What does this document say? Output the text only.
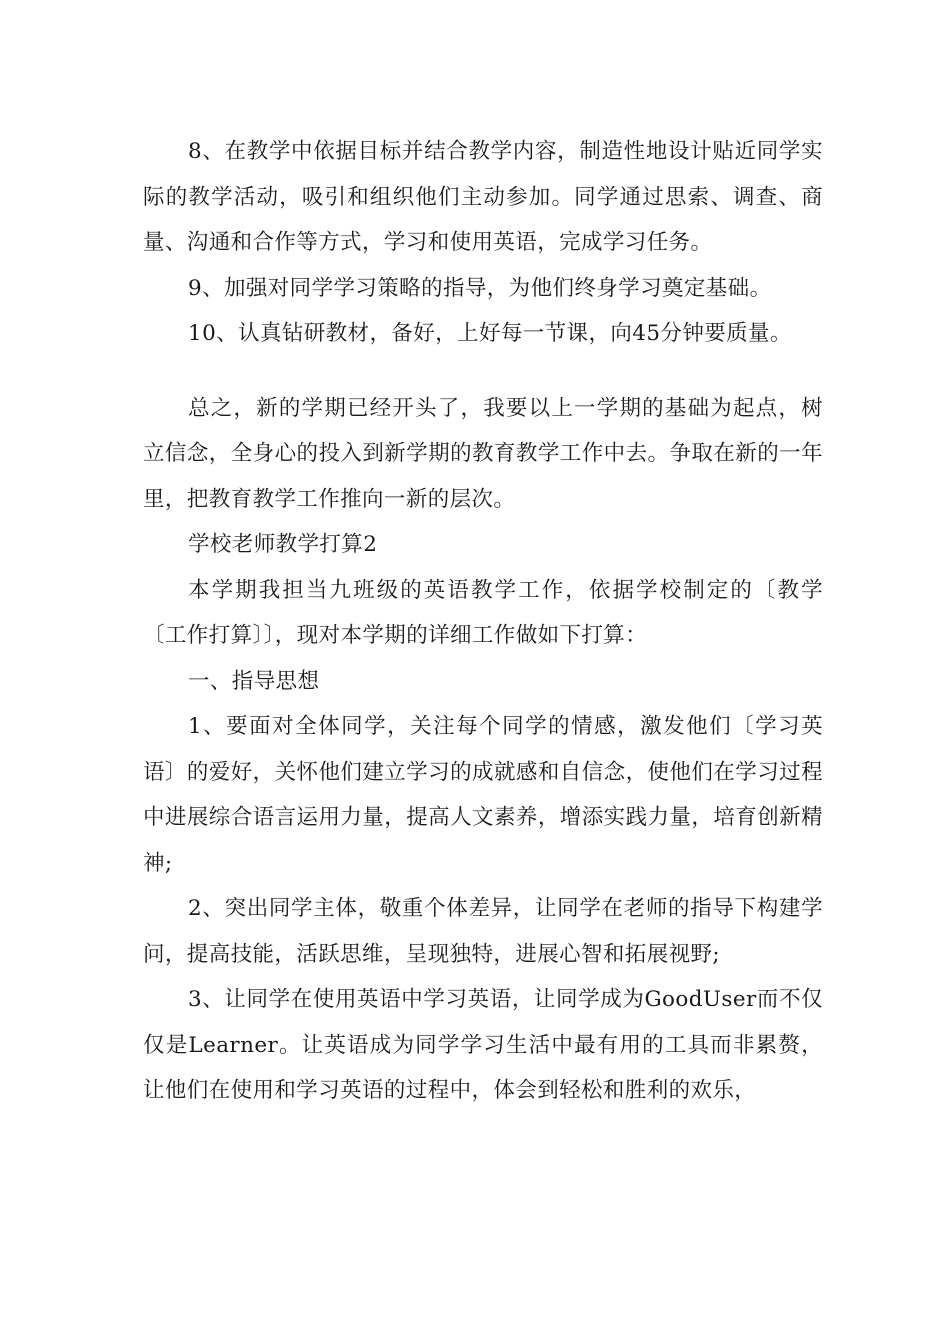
8、在教学中依据目标并结合教学内容，制造性地设计贴近同学实际的教学活动，吸引和组织他们主动参加。同学通过思索、调查、商量、沟通和合作等方式，学习和使用英语，完成学习任务。

9、加强对同学学习策略的指导，为他们终身学习奠定基础。

10、认真钻研教材，备好，上好每一节课，向45分钟要质量。

总之，新的学期已经开头了，我要以上一学期的基础为起点，树立信念，全身心的投入到新学期的教育教学工作中去。争取在新的一年里，把教育教学工作推向一新的层次。

学校老师教学打算2

本学期我担当九班级的英语教学工作，依据学校制定的〔教学〔工作打算〕〕，现对本学期的详细工作做如下打算：

一、指导思想

1、要面对全体同学，关注每个同学的情感，激发他们〔学习英语〕的爱好，关怀他们建立学习的成就感和自信念，使他们在学习过程中进展综合语言运用力量，提高人文素养，增添实践力量，培育创新精神;

2、突出同学主体，敬重个体差异，让同学在老师的指导下构建学问，提高技能，活跃思维，呈现独特，进展心智和拓展视野;

3、让同学在使用英语中学习英语，让同学成为GoodUser而不仅仅是Learner。让英语成为同学学习生活中最有用的工具而非累赘，让他们在使用和学习英语的过程中，体会到轻松和胜利的欢乐，
